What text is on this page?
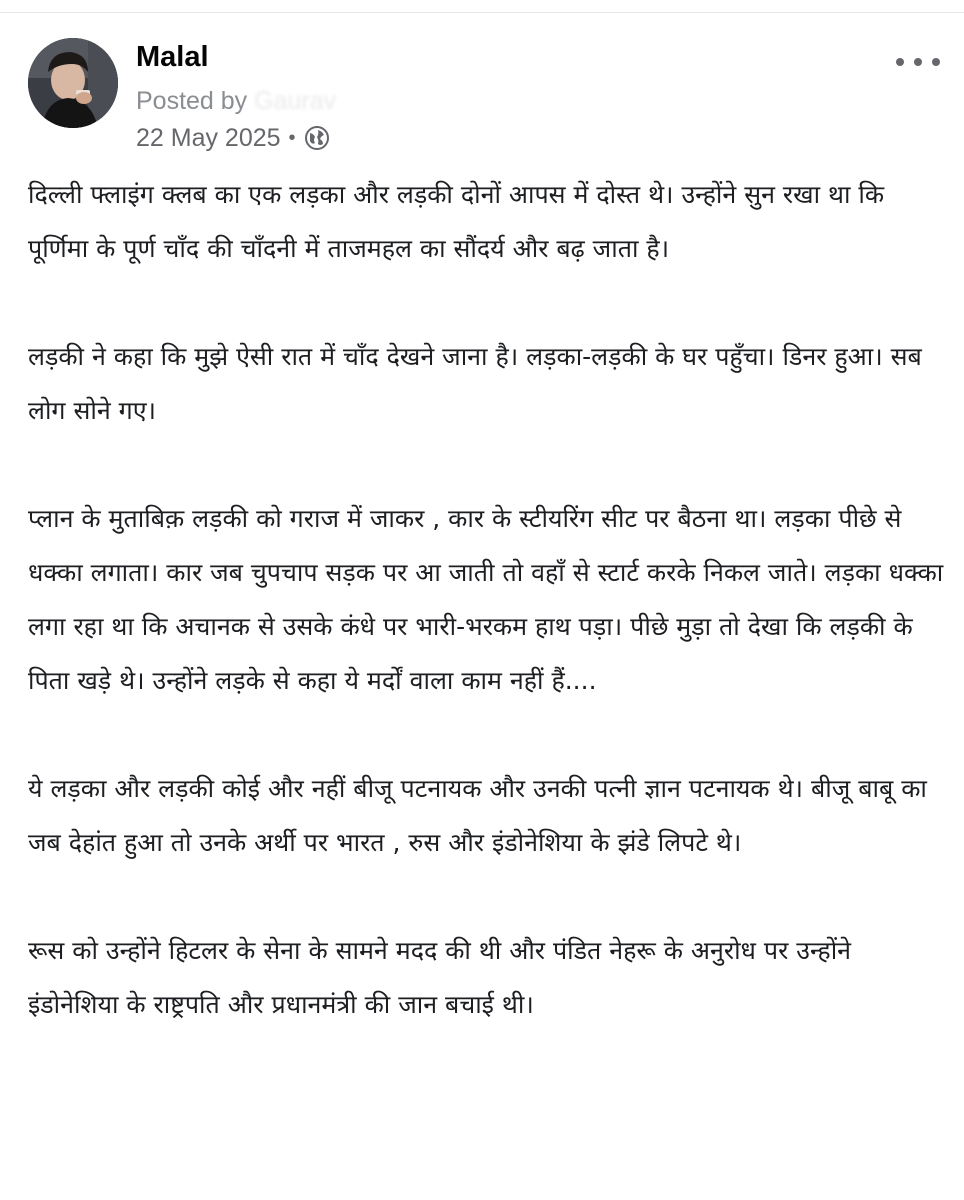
Malal
Posted by Gaurav
22 May 2025 •

दिल्ली फ्लाइंग क्लब का एक लड़का और लड़की दोनों आपस में दोस्त थे। उन्होंने सुन रखा था कि पूर्णिमा के पूर्ण चाँद की चाँदनी में ताजमहल का सौंदर्य और बढ़ जाता है।

लड़की ने कहा कि मुझे ऐसी रात में चाँद देखने जाना है। लड़का-लड़की के घर पहुँचा। डिनर हुआ। सब लोग सोने गए।

प्लान के मुताबिक़ लड़की को गराज में जाकर , कार के स्टीयरिंग सीट पर बैठना था। लड़का पीछे से धक्का लगाता। कार जब चुपचाप सड़क पर आ जाती तो वहाँ से स्टार्ट करके निकल जाते। लड़का धक्का लगा रहा था कि अचानक से उसके कंधे पर भारी-भरकम हाथ पड़ा। पीछे मुड़ा तो देखा कि लड़की के पिता खड़े थे। उन्होंने लड़के से कहा ये मर्दों वाला काम नहीं हैं....

ये लड़का और लड़की कोई और नहीं बीजू पटनायक और उनकी पत्नी ज्ञान पटनायक थे। बीजू बाबू का जब देहांत हुआ तो उनके अर्थी पर भारत , रुस और इंडोनेशिया के झंडे लिपटे थे।

रूस को उन्होंने हिटलर के सेना के सामने मदद की थी और पंडित नेहरू के अनुरोध पर उन्होंने इंडोनेशिया के राष्ट्रपति और प्रधानमंत्री की जान बचाई थी।
